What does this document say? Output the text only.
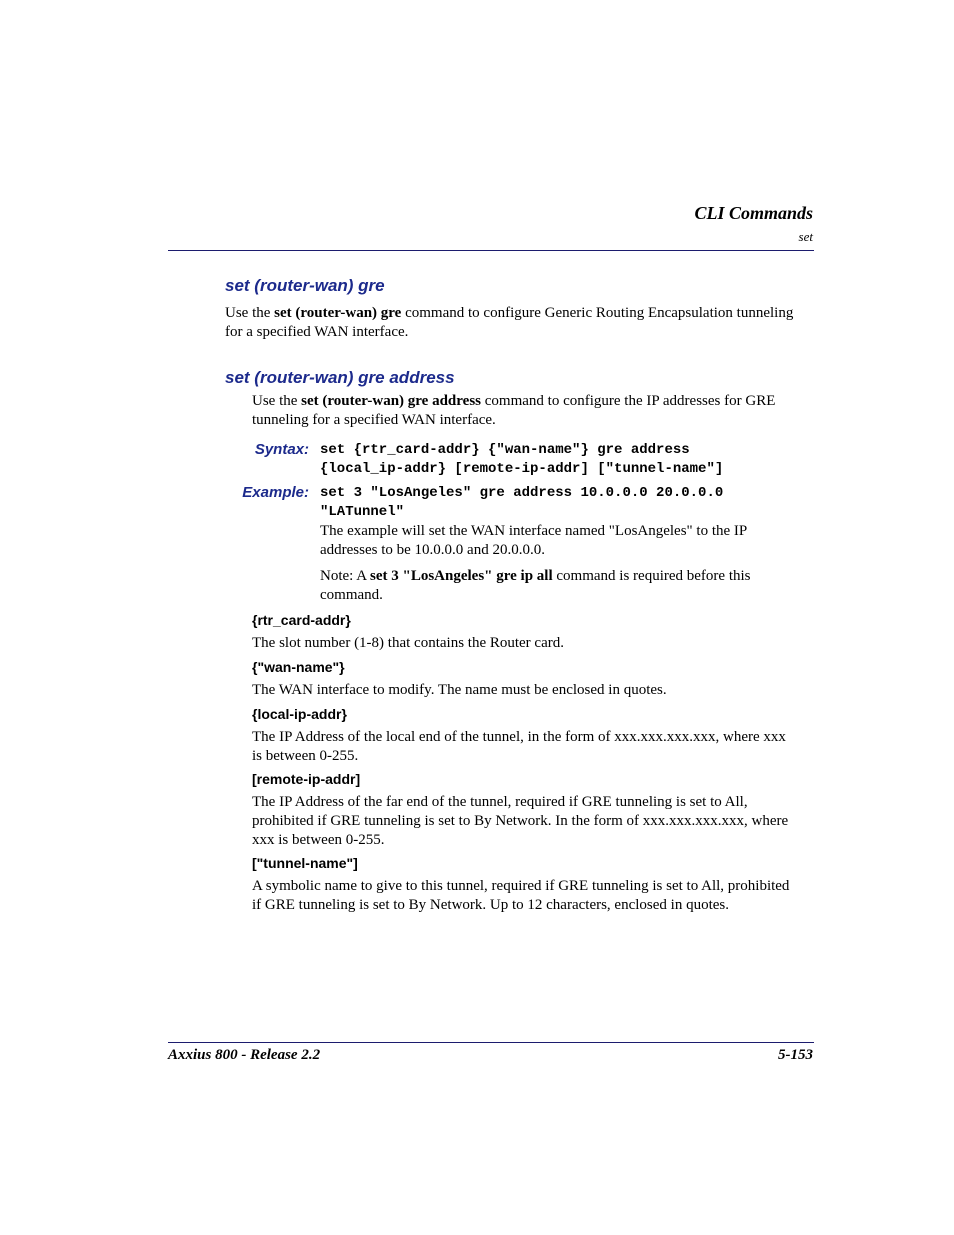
CLI Commands
set
set (router-wan) gre
Use the set (router-wan) gre command to configure Generic Routing Encapsulation tunneling
for a specified WAN interface.
set (router-wan) gre address
Use the set (router-wan) gre address command to configure the IP addresses for GRE
tunneling for a specified WAN interface.
Syntax: set {rtr_card-addr} {"wan-name"} gre address
{local_ip-addr} [remote-ip-addr] ["tunnel-name"]
Example: set 3 "LosAngeles" gre address 10.0.0.0 20.0.0.0
"LATunnel"
The example will set the WAN interface named "LosAngeles" to the IP
addresses to be 10.0.0.0 and 20.0.0.0.
Note: A set 3 "LosAngeles" gre ip all command is required before this
command.
{rtr_card-addr}
The slot number (1-8) that contains the Router card.
{"wan-name"}
The WAN interface to modify. The name must be enclosed in quotes.
{local-ip-addr}
The IP Address of the local end of the tunnel, in the form of xxx.xxx.xxx.xxx, where xxx
is between 0-255.
[remote-ip-addr]
The IP Address of the far end of the tunnel, required if GRE tunneling is set to All,
prohibited if GRE tunneling is set to By Network. In the form of xxx.xxx.xxx.xxx, where
xxx is between 0-255.
["tunnel-name"]
A symbolic name to give to this tunnel, required if GRE tunneling is set to All, prohibited
if GRE tunneling is set to By Network. Up to 12 characters, enclosed in quotes.
Axxius 800 - Release 2.2	5-153
